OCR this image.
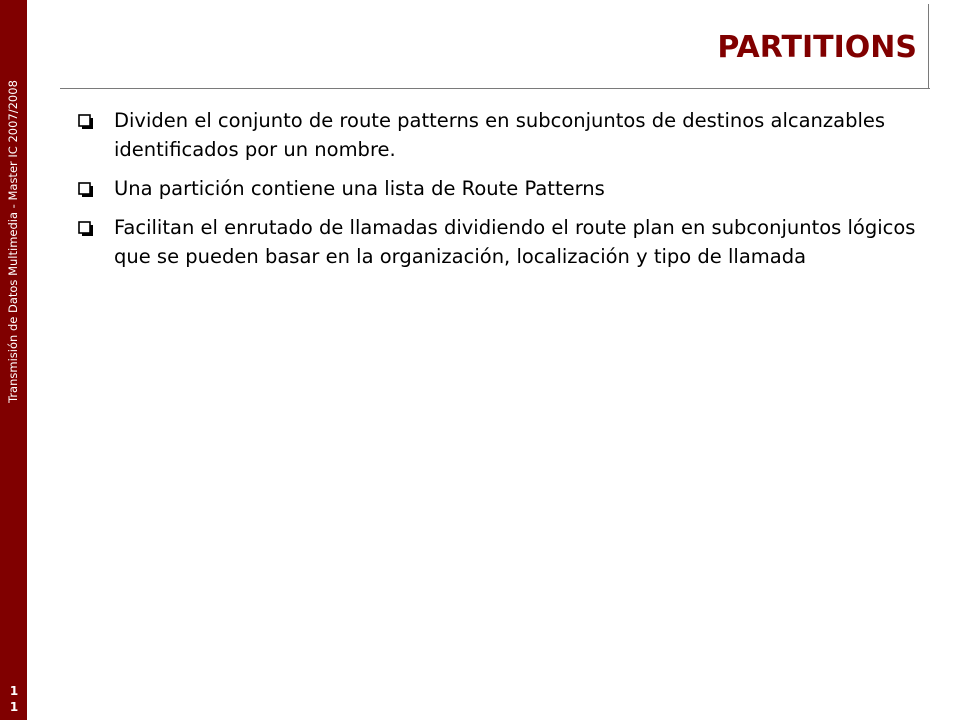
Transmisión de Datos Multimedia - Master IC 2007/2008
11
PARTITIONS
Dividen el conjunto de route patterns en subconjuntos de destinos alcanzables identificados por un nombre.
Una partición contiene una lista de Route Patterns
Facilitan el enrutado de llamadas dividiendo el route plan en subconjuntos lógicos que se pueden basar en la organización, localización y tipo de llamada
